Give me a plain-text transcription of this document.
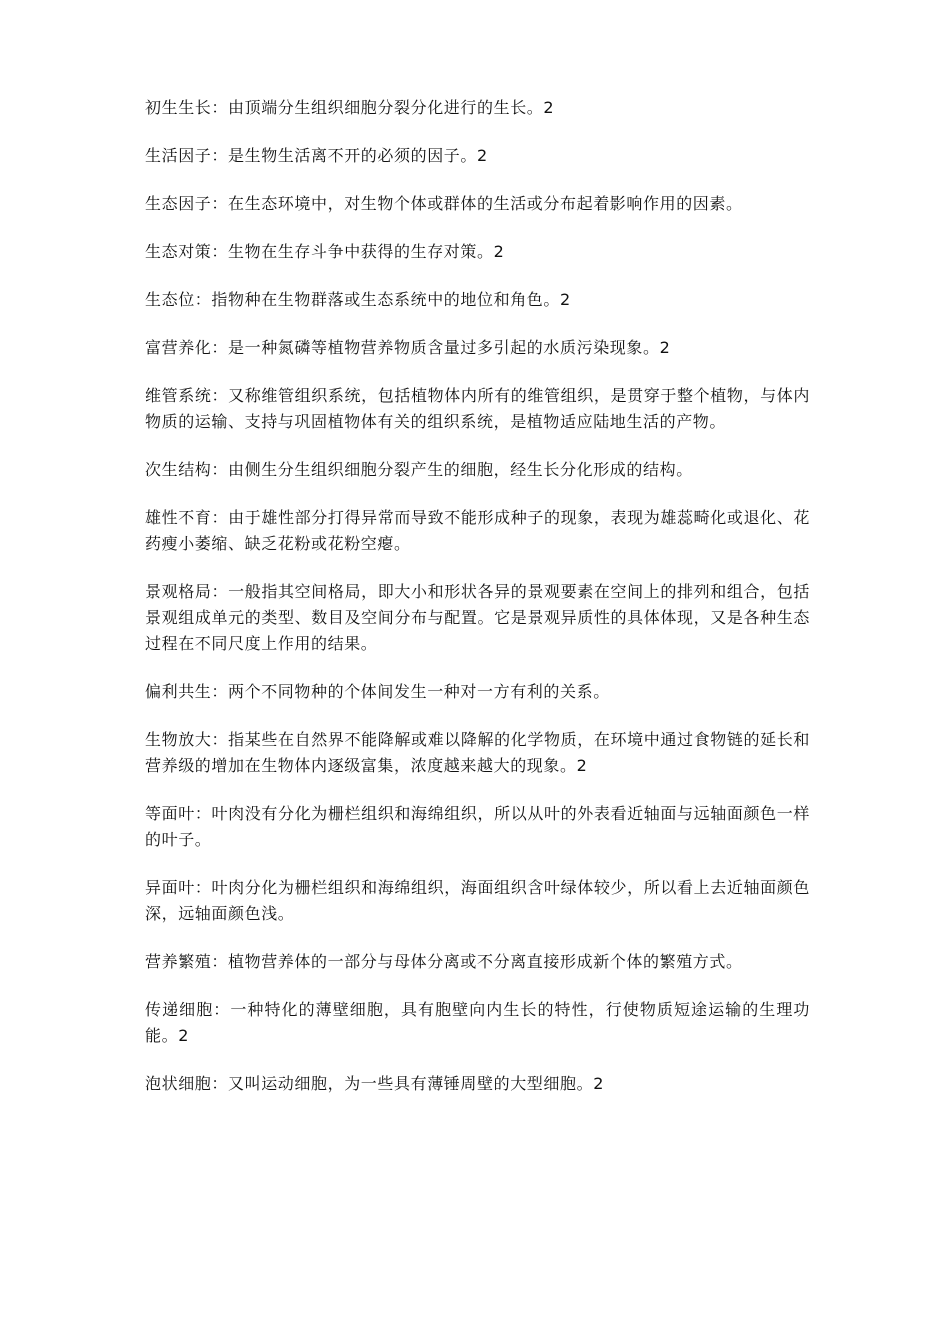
初生生长：由顶端分生组织细胞分裂分化进行的生长。2

生活因子：是生物生活离不开的必须的因子。2

生态因子：在生态环境中，对生物个体或群体的生活或分布起着影响作用的因素。

生态对策：生物在生存斗争中获得的生存对策。2

生态位：指物种在生物群落或生态系统中的地位和角色。2

富营养化：是一种氮磷等植物营养物质含量过多引起的水质污染现象。2

维管系统：又称维管组织系统，包括植物体内所有的维管组织，是贯穿于整个植物，与体内物质的运输、支持与巩固植物体有关的组织系统，是植物适应陆地生活的产物。

次生结构：由侧生分生组织细胞分裂产生的细胞，经生长分化形成的结构。

雄性不育：由于雄性部分打得异常而导致不能形成种子的现象，表现为雄蕊畸化或退化、花药瘦小萎缩、缺乏花粉或花粉空瘪。

景观格局：一般指其空间格局，即大小和形状各异的景观要素在空间上的排列和组合，包括景观组成单元的类型、数目及空间分布与配置。它是景观异质性的具体体现，又是各种生态过程在不同尺度上作用的结果。

偏利共生：两个不同物种的个体间发生一种对一方有利的关系。

生物放大：指某些在自然界不能降解或难以降解的化学物质，在环境中通过食物链的延长和营养级的增加在生物体内逐级富集，浓度越来越大的现象。2

等面叶：叶肉没有分化为栅栏组织和海绵组织，所以从叶的外表看近轴面与远轴面颜色一样的叶子。

异面叶：叶肉分化为栅栏组织和海绵组织，海面组织含叶绿体较少，所以看上去近轴面颜色深，远轴面颜色浅。

营养繁殖：植物营养体的一部分与母体分离或不分离直接形成新个体的繁殖方式。

传递细胞：一种特化的薄壁细胞，具有胞壁向内生长的特性，行使物质短途运输的生理功能。2

泡状细胞：又叫运动细胞，为一些具有薄锤周壁的大型细胞。2
